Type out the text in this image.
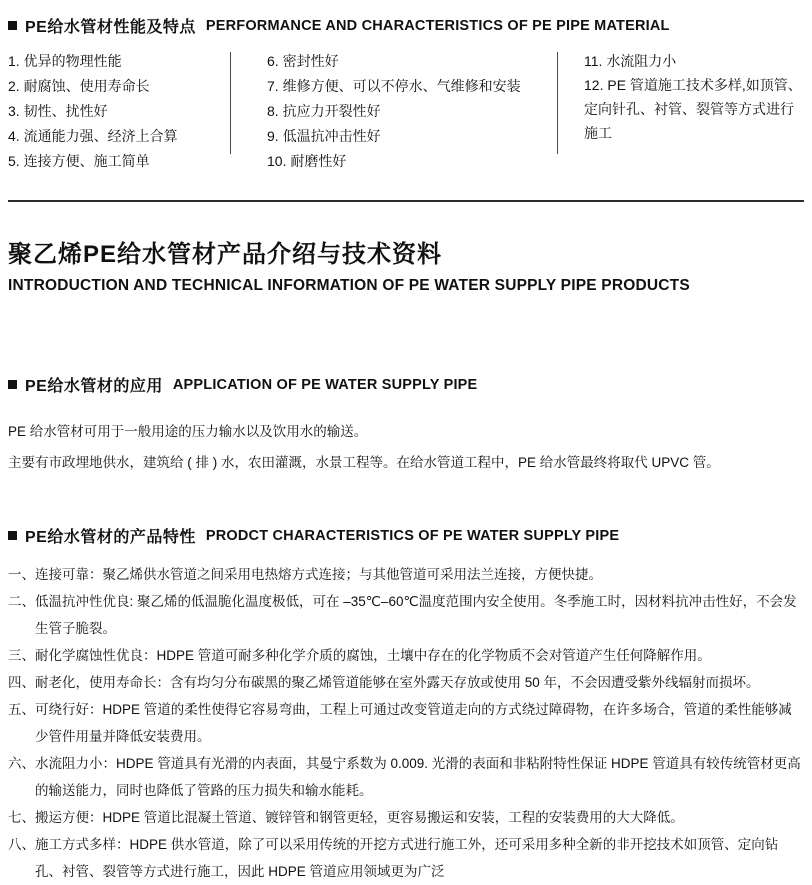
PE给水管材性能及特点 PERFORMANCE AND CHARACTERISTICS OF PE PIPE MATERIAL
1. 优异的物理性能
2. 耐腐蚀、使用寿命长
3. 韧性、扰性好
4. 流通能力强、经济上合算
5. 连接方便、施工简单
6. 密封性好
7. 维修方便、可以不停水、气维修和安装
8. 抗应力开裂性好
9. 低温抗冲击性好
10. 耐磨性好
11. 水流阻力小
12. PE 管道施工技术多样,如顶管、定向针孔、衬管、裂管等方式进行施工
聚乙烯PE给水管材产品介绍与技术资料
INTRODUCTION AND TECHNICAL INFORMATION OF PE WATER SUPPLY PIPE PRODUCTS
PE给水管材的应用 APPLICATION OF PE WATER SUPPLY PIPE

PE 给水管材可用于一般用途的压力输水以及饮用水的输送。

主要有市政埋地供水，建筑给 ( 排 ) 水，农田灌溉，水景工程等。在给水管道工程中，PE 给水管最终将取代 UPVC 管。

PE给水管材的产品特性 PRODCT CHARACTERISTICS OF PE WATER SUPPLY PIPE

一、连接可靠：聚乙烯供水管道之间采用电热熔方式连接；与其他管道可采用法兰连接，方便快捷。

二、低温抗冲性优良: 聚乙烯的低温脆化温度极低，可在 –35℃–60℃温度范围内安全使用。冬季施工时，因材料抗冲击性好，不会发生管子脆裂。

三、耐化学腐蚀性优良：HDPE 管道可耐多种化学介质的腐蚀，土壤中存在的化学物质不会对管道产生任何降解作用。

四、耐老化，使用寿命长：含有均匀分布碳黑的聚乙烯管道能够在室外露天存放或使用 50 年，不会因遭受紫外线辐射而损坏。

五、可绕行好：HDPE 管道的柔性使得它容易弯曲，工程上可通过改变管道走向的方式绕过障碍物，在许多场合，管道的柔性能够减少管件用量并降低安装费用。

六、水流阻力小：HDPE 管道具有光滑的内表面，其曼宁系数为 0.009. 光滑的表面和非粘附特性保证 HDPE 管道具有较传统管材更高的输送能力，同时也降低了管路的压力损失和输水能耗。

七、搬运方便：HDPE 管道比混凝土管道、镀锌管和钢管更轻，更容易搬运和安装，工程的安装费用的大大降低。

八、施工方式多样：HDPE 供水管道，除了可以采用传统的开挖方式进行施工外，还可采用多种全新的非开挖技术如顶管、定向钻孔、衬管、裂管等方式进行施工，因此 HDPE 管道应用领域更为广泛
